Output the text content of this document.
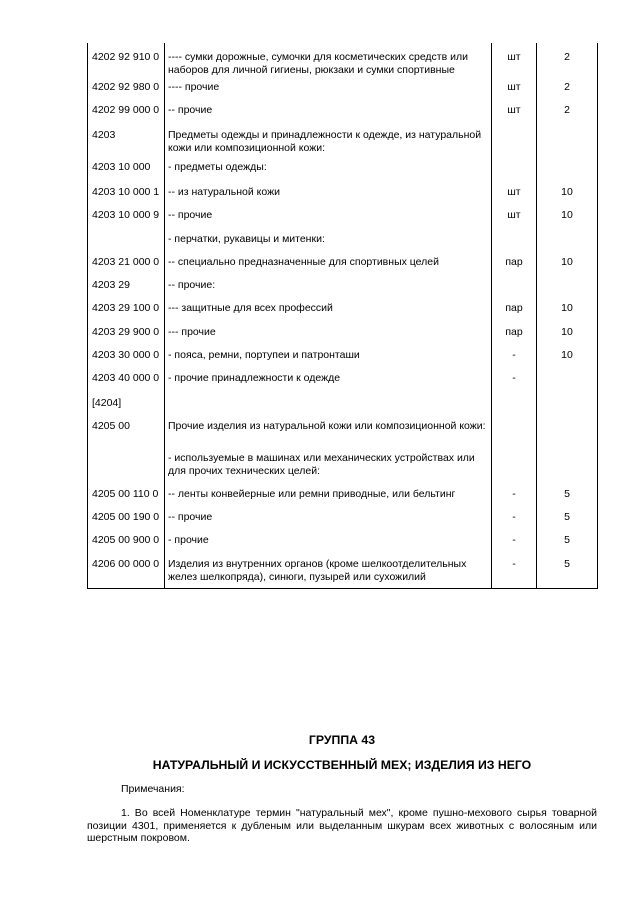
4202 92 910 0	---- сумки дорожные, сумочки для косметических средств или наборов для личной гигиены, рюкзаки и сумки спортивные	шт	2
4202 92 980 0	---- прочие	шт	2
4202 99 000 0	-- прочие	шт	2
4203	Предметы одежды и принадлежности к одежде, из натуральной кожи или композиционной кожи:		
4203 10 000	- предметы одежды:		
4203 10 000 1	-- из натуральной кожи	шт	10
4203 10 000 9	-- прочие	шт	10
	- перчатки, рукавицы и митенки:		
4203 21 000 0	-- специально предназначенные для спортивных целей	пар	10
4203 29	-- прочие:		
4203 29 100 0	--- защитные для всех профессий	пар	10
4203 29 900 0	--- прочие	пар	10
4203 30 000 0	- пояса, ремни, портупеи и патронташи	-	10
4203 40 000 0	- прочие принадлежности к одежде	-	
[4204]			
4205 00	Прочие изделия из натуральной кожи или композиционной кожи:		
	- используемые в машинах или механических устройствах или для прочих технических целей:		
4205 00 110 0	-- ленты конвейерные или ремни приводные, или бельтинг	-	5
4205 00 190 0	-- прочие	-	5
4205 00 900 0	- прочие	-	5
4206 00 000 0	Изделия из внутренних органов (кроме шелкоотделительных желез шелкопряда), синюги, пузырей или сухожилий	-	5
ГРУППА 43
НАТУРАЛЬНЫЙ И ИСКУССТВЕННЫЙ МЕХ; ИЗДЕЛИЯ ИЗ НЕГО

Примечания:

1. Во всей Номенклатуре термин "натуральный мех", кроме пушно-мехового сырья товарной позиции 4301, применяется к дубленым или выделанным шкурам всех животных с волосяным или шерстным покровом.
